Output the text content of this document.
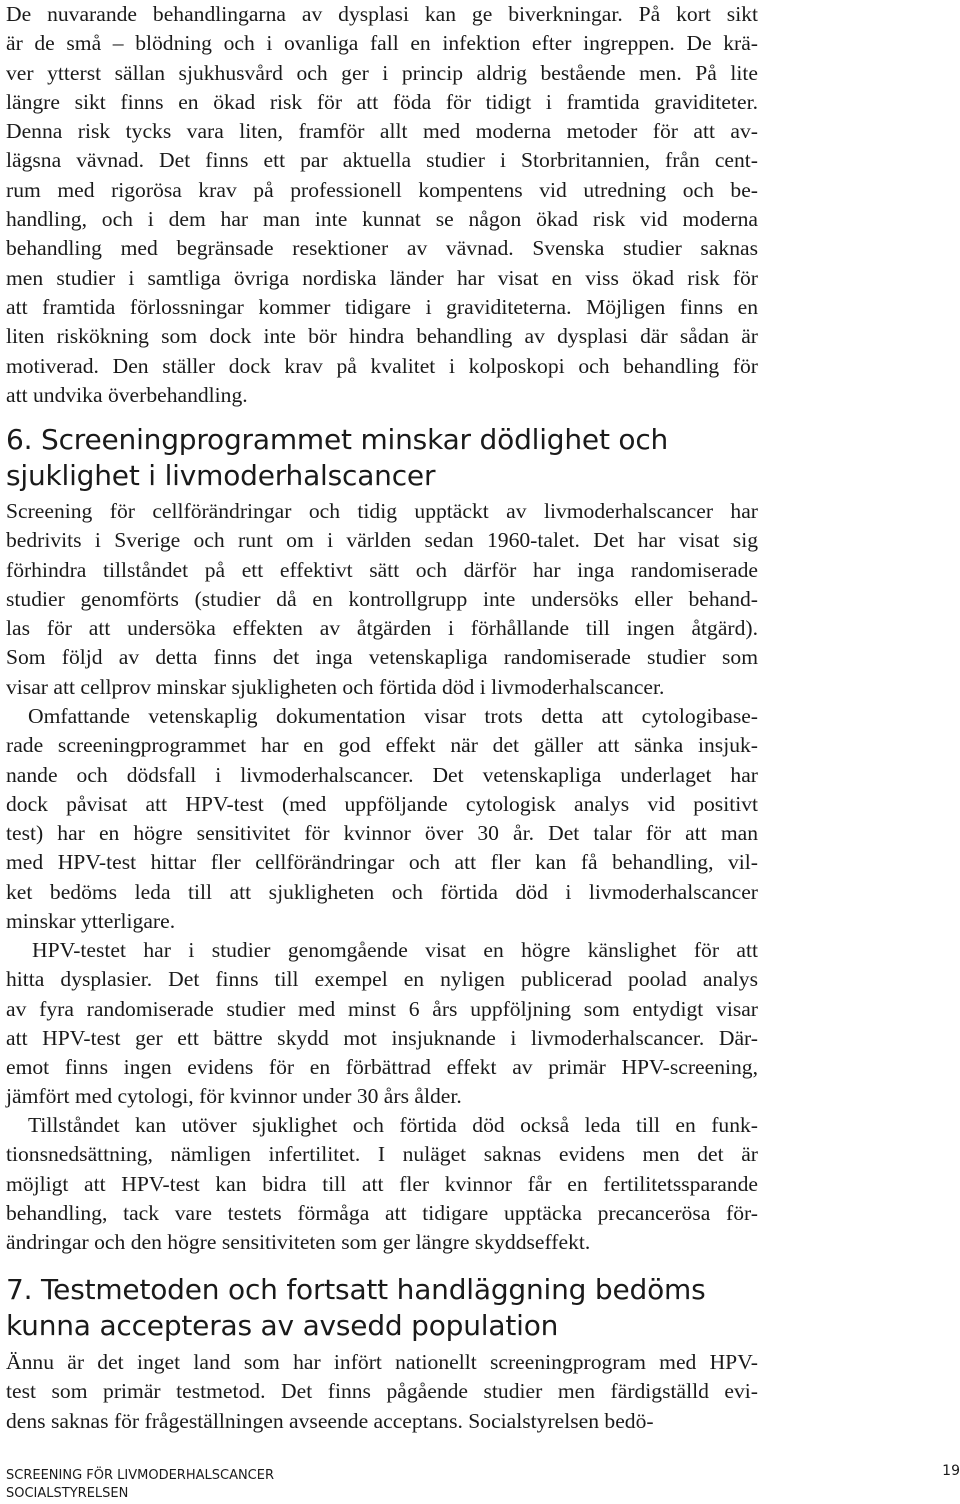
De nuvarande behandlingarna av dysplasi kan ge biverkningar. På kort sikt
är de små – blödning och i ovanliga fall en infektion efter ingreppen. De krä-
ver ytterst sällan sjukhusvård och ger i princip aldrig bestående men. På lite
längre sikt finns en ökad risk för att föda för tidigt i framtida graviditeter.
Denna risk tycks vara liten, framför allt med moderna metoder för att av-
lägsna vävnad. Det finns ett par aktuella studier i Storbritannien, från cent-
rum med rigorösa krav på professionell kompentens vid utredning och be-
handling, och i dem har man inte kunnat se någon ökad risk vid moderna
behandling med begränsade resektioner av vävnad. Svenska studier saknas
men studier i samtliga övriga nordiska länder har visat en viss ökad risk för
att framtida förlossningar kommer tidigare i graviditeterna. Möjligen finns en
liten riskökning som dock inte bör hindra behandling av dysplasi där sådan är
motiverad. Den ställer dock krav på kvalitet i kolposkopi och behandling för
att undvika överbehandling.
6. Screeningprogrammet minskar dödlighet och
sjuklighet i livmoderhalscancer
Screening för cellförändringar och tidig upptäckt av livmoderhalscancer har
bedrivits i Sverige och runt om i världen sedan 1960-talet. Det har visat sig
förhindra tillståndet på ett effektivt sätt och därför har inga randomiserade
studier genomförts (studier då en kontrollgrupp inte undersöks eller behand-
las för att undersöka effekten av åtgärden i förhållande till ingen åtgärd).
Som följd av detta finns det inga vetenskapliga randomiserade studier som
visar att cellprov minskar sjukligheten och förtida död i livmoderhalscancer.
Omfattande vetenskaplig dokumentation visar trots detta att cytologibase-
rade screeningprogrammet har en god effekt när det gäller att sänka insjuk-
nande och dödsfall i livmoderhalscancer. Det vetenskapliga underlaget har
dock påvisat att HPV-test (med uppföljande cytologisk analys vid positivt
test) har en högre sensitivitet för kvinnor över 30 år. Det talar för att man
med HPV-test hittar fler cellförändringar och att fler kan få behandling, vil-
ket bedöms leda till att sjukligheten och förtida död i livmoderhalscancer
minskar ytterligare.
HPV-testet har i studier genomgående visat en högre känslighet för att
hitta dysplasier. Det finns till exempel en nyligen publicerad poolad analys
av fyra randomiserade studier med minst 6 års uppföljning som entydigt visar
att HPV-test ger ett bättre skydd mot insjuknande i livmoderhalscancer. Där-
emot finns ingen evidens för en förbättrad effekt av primär HPV-screening,
jämfört med cytologi, för kvinnor under 30 års ålder.
Tillståndet kan utöver sjuklighet och förtida död också leda till en funk-
tionsnedsättning, nämligen infertilitet. I nuläget saknas evidens men det är
möjligt att HPV-test kan bidra till att fler kvinnor får en fertilitetssparande
behandling, tack vare testets förmåga att tidigare upptäcka precancerösa för-
ändringar och den högre sensitiviteten som ger längre skyddseffekt.
7. Testmetoden och fortsatt handläggning bedöms
kunna accepteras av avsedd population
Ännu är det inget land som har infört nationellt screeningprogram med HPV-
test som primär testmetod. Det finns pågående studier men färdigställd evi-
dens saknas för frågeställningen avseende acceptans. Socialstyrelsen bedö-
SCREENING FÖR LIVMODERHALSCANCER
SOCIALSTYRELSEN
19
